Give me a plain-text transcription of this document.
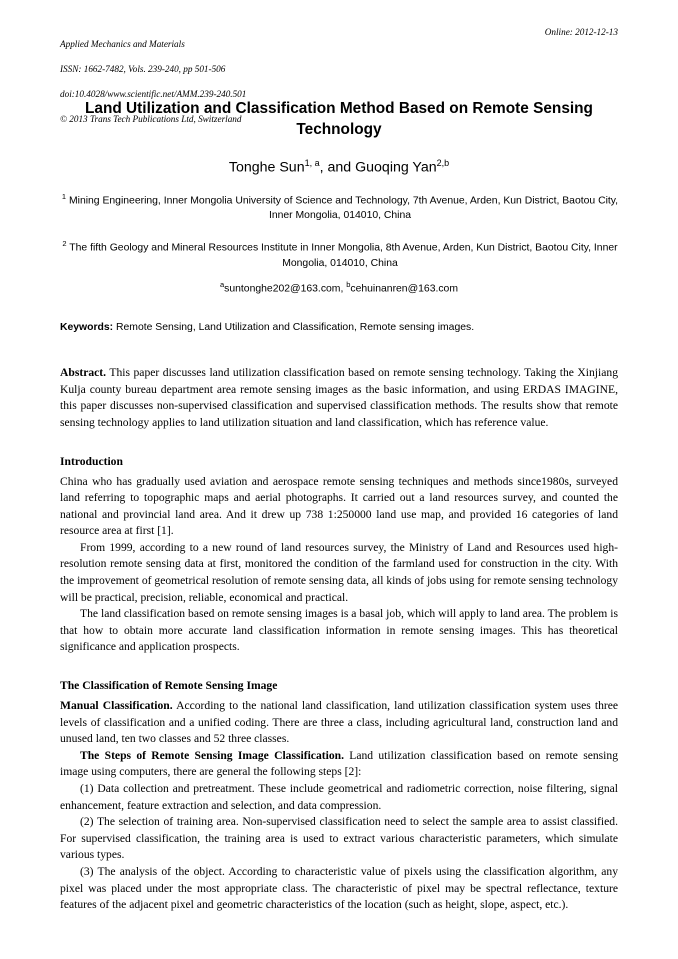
Applied Mechanics and Materials

ISSN: 1662-7482, Vols. 239-240, pp 501-506

doi:10.4028/www.scientific.net/AMM.239-240.501

© 2013 Trans Tech Publications Ltd, Switzerland

Online: 2012-12-13
Land Utilization and Classification Method Based on Remote Sensing Technology
Tonghe Sun$^{1, a}$, and Guoqing Yan$^{2,b}$
$^1$ Mining Engineering, Inner Mongolia University of Science and Technology, 7th Avenue, Arden, Kun District, Baotou City, Inner Mongolia, 014010, China
$^2$ The fifth Geology and Mineral Resources Institute in Inner Mongolia, 8th Avenue, Arden, Kun District, Baotou City, Inner Mongolia, 014010, China
$^a$suntonghe202@163.com, $^b$cehuinanren@163.com
Keywords: Remote Sensing, Land Utilization and Classification, Remote sensing images.
Abstract. This paper discusses land utilization classification based on remote sensing technology. Taking the Xinjiang Kulja county bureau department area remote sensing images as the basic information, and using ERDAS IMAGINE, this paper discusses non-supervised classification and supervised classification methods. The results show that remote sensing technology applies to land utilization situation and land classification, which has reference value.
Introduction

China who has gradually used aviation and aerospace remote sensing techniques and methods since1980s, surveyed land referring to topographic maps and aerial photographs. It carried out a land resources survey, and counted the national and provincial land area. And it drew up 738 1:250000 land use map, and provided 16 categories of land resource area at first [1].

From 1999, according to a new round of land resources survey, the Ministry of Land and Resources used high-resolution remote sensing data at first, monitored the condition of the farmland used for construction in the city. With the improvement of geometrical resolution of remote sensing data, all kinds of jobs using for remote sensing technology will be practical, precision, reliable, economical and practical.

The land classification based on remote sensing images is a basal job, which will apply to land area. The problem is that how to obtain more accurate land classification information in remote sensing images. This has theoretical significance and application prospects.

The Classification of Remote Sensing Image

Manual Classification. According to the national land classification, land utilization classification system uses three levels of classification and a unified coding. There are three a class, including agricultural land, construction land and unused land, ten two classes and 52 three classes.

The Steps of Remote Sensing Image Classification. Land utilization classification based on remote sensing image using computers, there are general the following steps [2]:

(1) Data collection and pretreatment. These include geometrical and radiometric correction, noise filtering, signal enhancement, feature extraction and selection, and data compression.

(2) The selection of training area. Non-supervised classification need to select the sample area to assist classified. For supervised classification, the training area is used to extract various characteristic parameters, which simulate various types.

(3) The analysis of the object. According to characteristic value of pixels using the classification algorithm, any pixel was placed under the most appropriate class. The characteristic of pixel may be spectral reflectance, texture features of the adjacent pixel and geometric characteristics of the location (such as height, slope, aspect, etc.).
